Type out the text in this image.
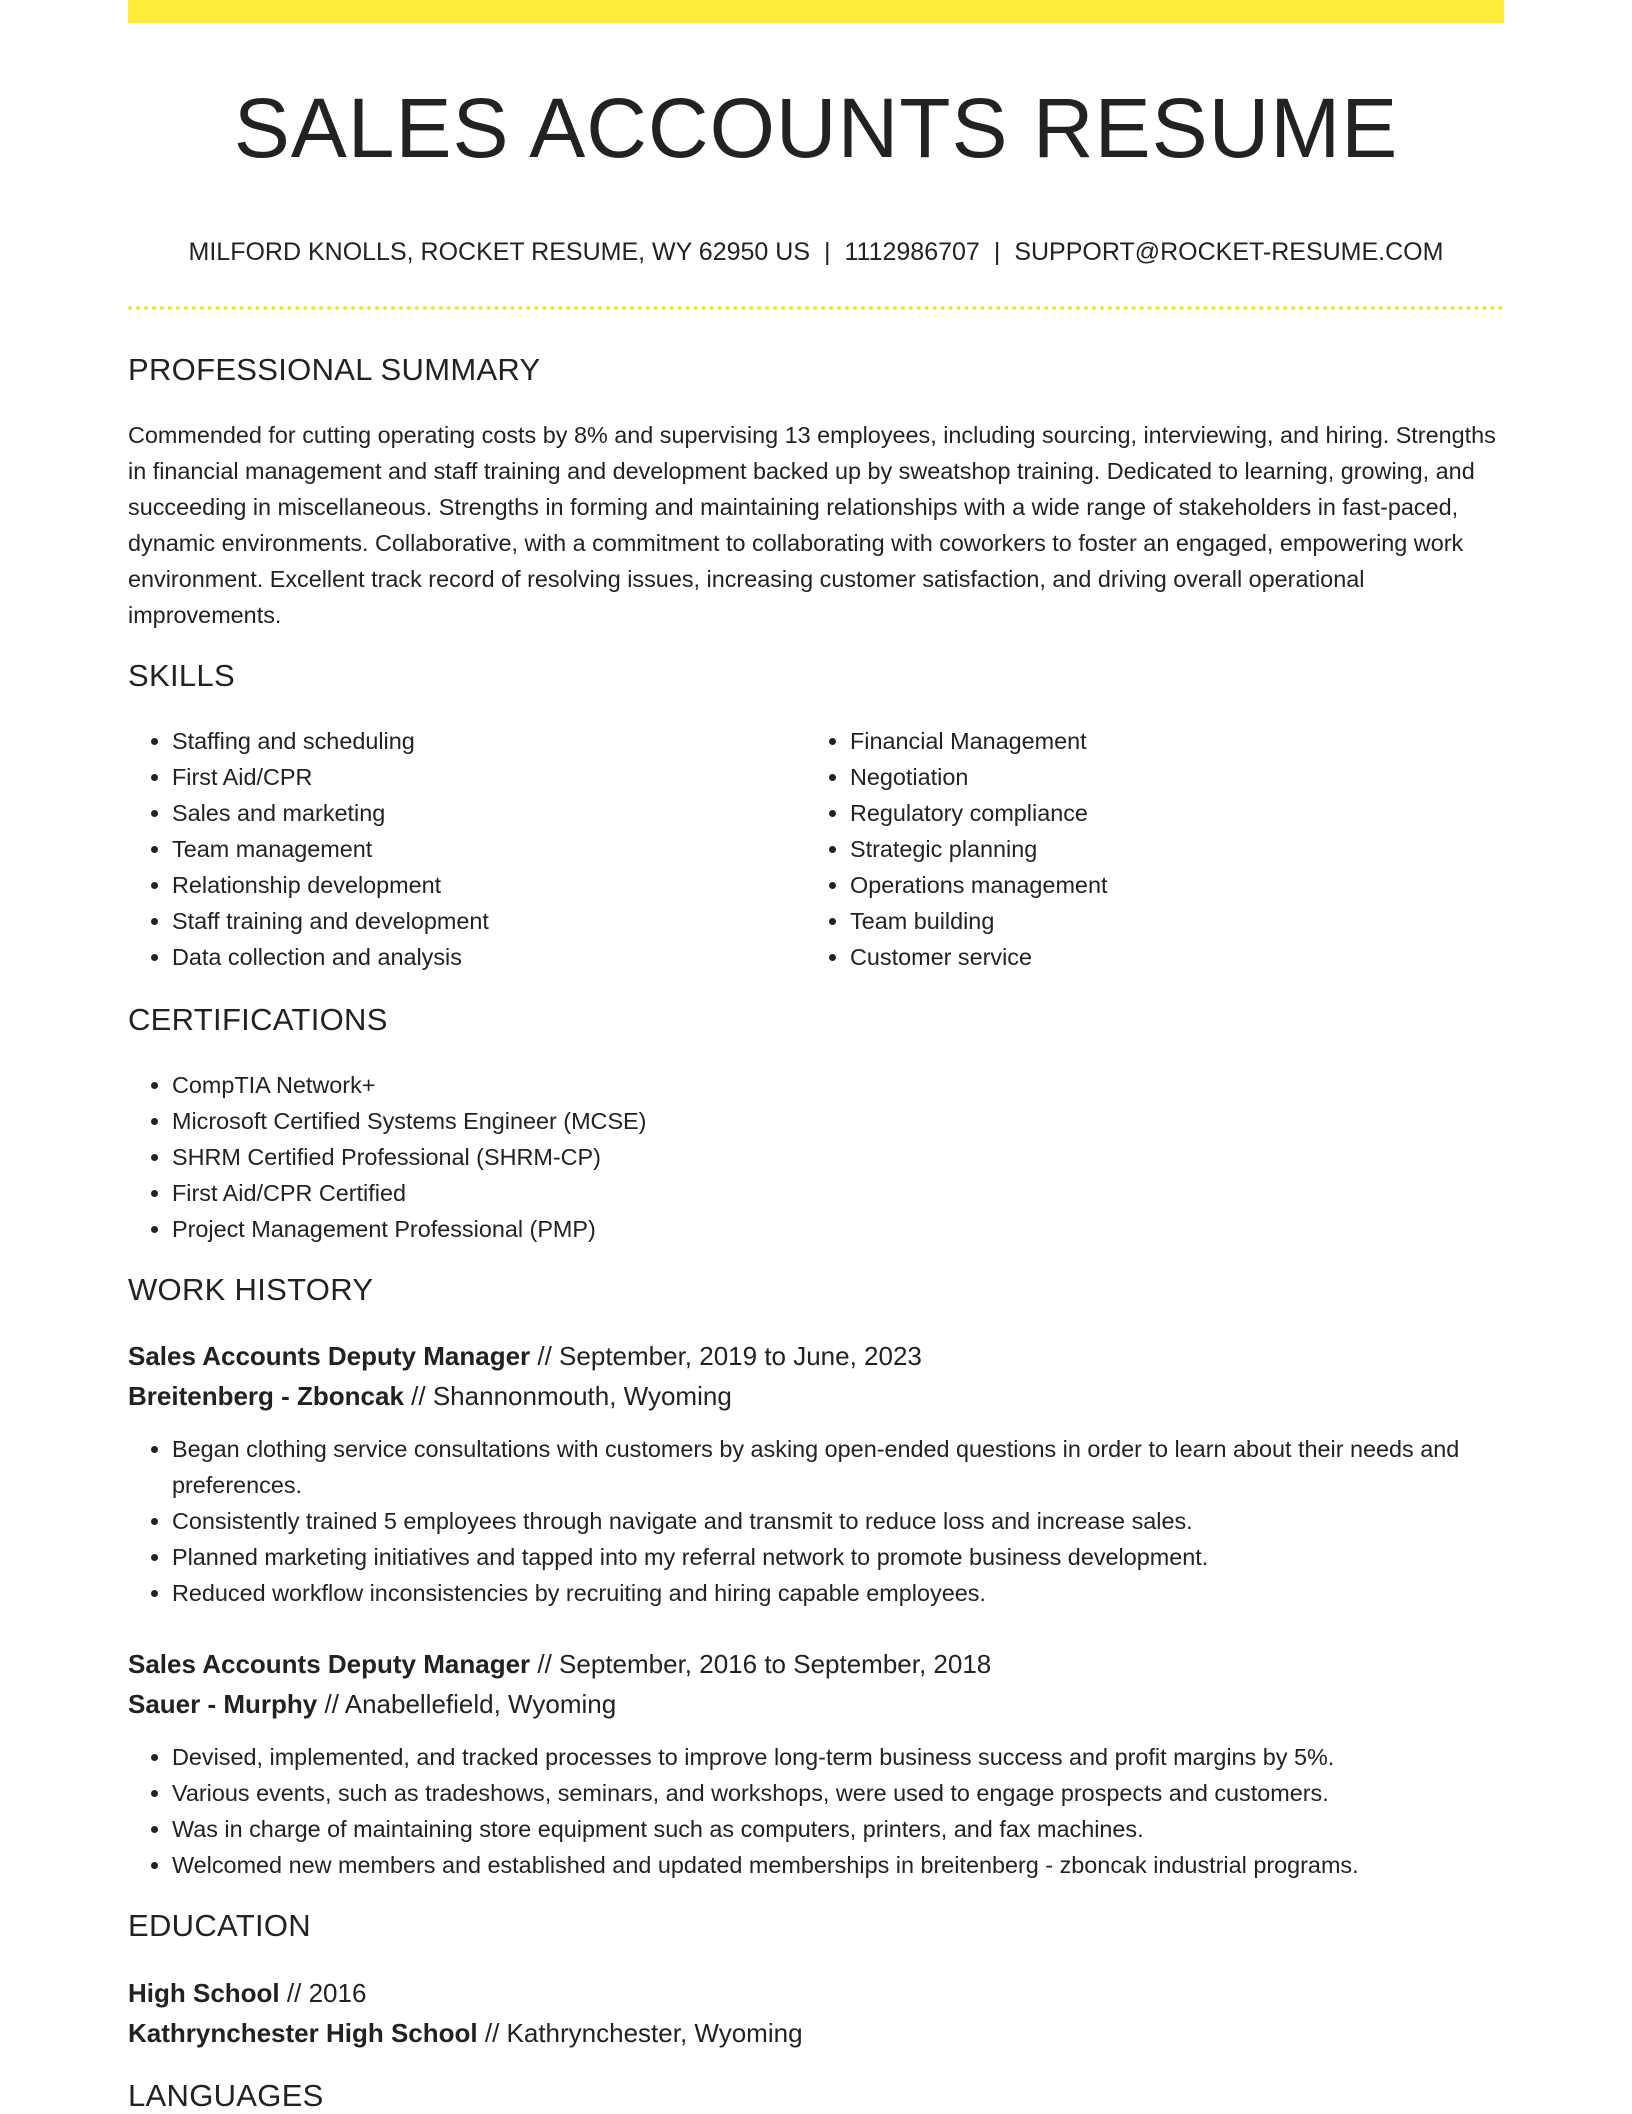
SALES ACCOUNTS RESUME
MILFORD KNOLLS, ROCKET RESUME, WY 62950 US | 1112986707 | SUPPORT@ROCKET-RESUME.COM
PROFESSIONAL SUMMARY

Commended for cutting operating costs by 8% and supervising 13 employees, including sourcing, interviewing, and hiring. Strengths in financial management and staff training and development backed up by sweatshop training. Dedicated to learning, growing, and succeeding in miscellaneous. Strengths in forming and maintaining relationships with a wide range of stakeholders in fast-paced, dynamic environments. Collaborative, with a commitment to collaborating with coworkers to foster an engaged, empowering work environment. Excellent track record of resolving issues, increasing customer satisfaction, and driving overall operational improvements.

SKILLS
• Staffing and scheduling
• First Aid/CPR
• Sales and marketing
• Team management
• Relationship development
• Staff training and development
• Data collection and analysis
• Financial Management
• Negotiation
• Regulatory compliance
• Strategic planning
• Operations management
• Team building
• Customer service
CERTIFICATIONS
• CompTIA Network+
• Microsoft Certified Systems Engineer (MCSE)
• SHRM Certified Professional (SHRM-CP)
• First Aid/CPR Certified
• Project Management Professional (PMP)
WORK HISTORY
Sales Accounts Deputy Manager // September, 2019 to June, 2023
Breitenberg - Zboncak // Shannonmouth, Wyoming
• Began clothing service consultations with customers by asking open-ended questions in order to learn about their needs and preferences.
• Consistently trained 5 employees through navigate and transmit to reduce loss and increase sales.
• Planned marketing initiatives and tapped into my referral network to promote business development.
• Reduced workflow inconsistencies by recruiting and hiring capable employees.
Sales Accounts Deputy Manager // September, 2016 to September, 2018
Sauer - Murphy // Anabellefield, Wyoming
• Devised, implemented, and tracked processes to improve long-term business success and profit margins by 5%.
• Various events, such as tradeshows, seminars, and workshops, were used to engage prospects and customers.
• Was in charge of maintaining store equipment such as computers, printers, and fax machines.
• Welcomed new members and established and updated memberships in breitenberg - zboncak industrial programs.
EDUCATION
High School // 2016
Kathrynchester High School // Kathrynchester, Wyoming
LANGUAGES
